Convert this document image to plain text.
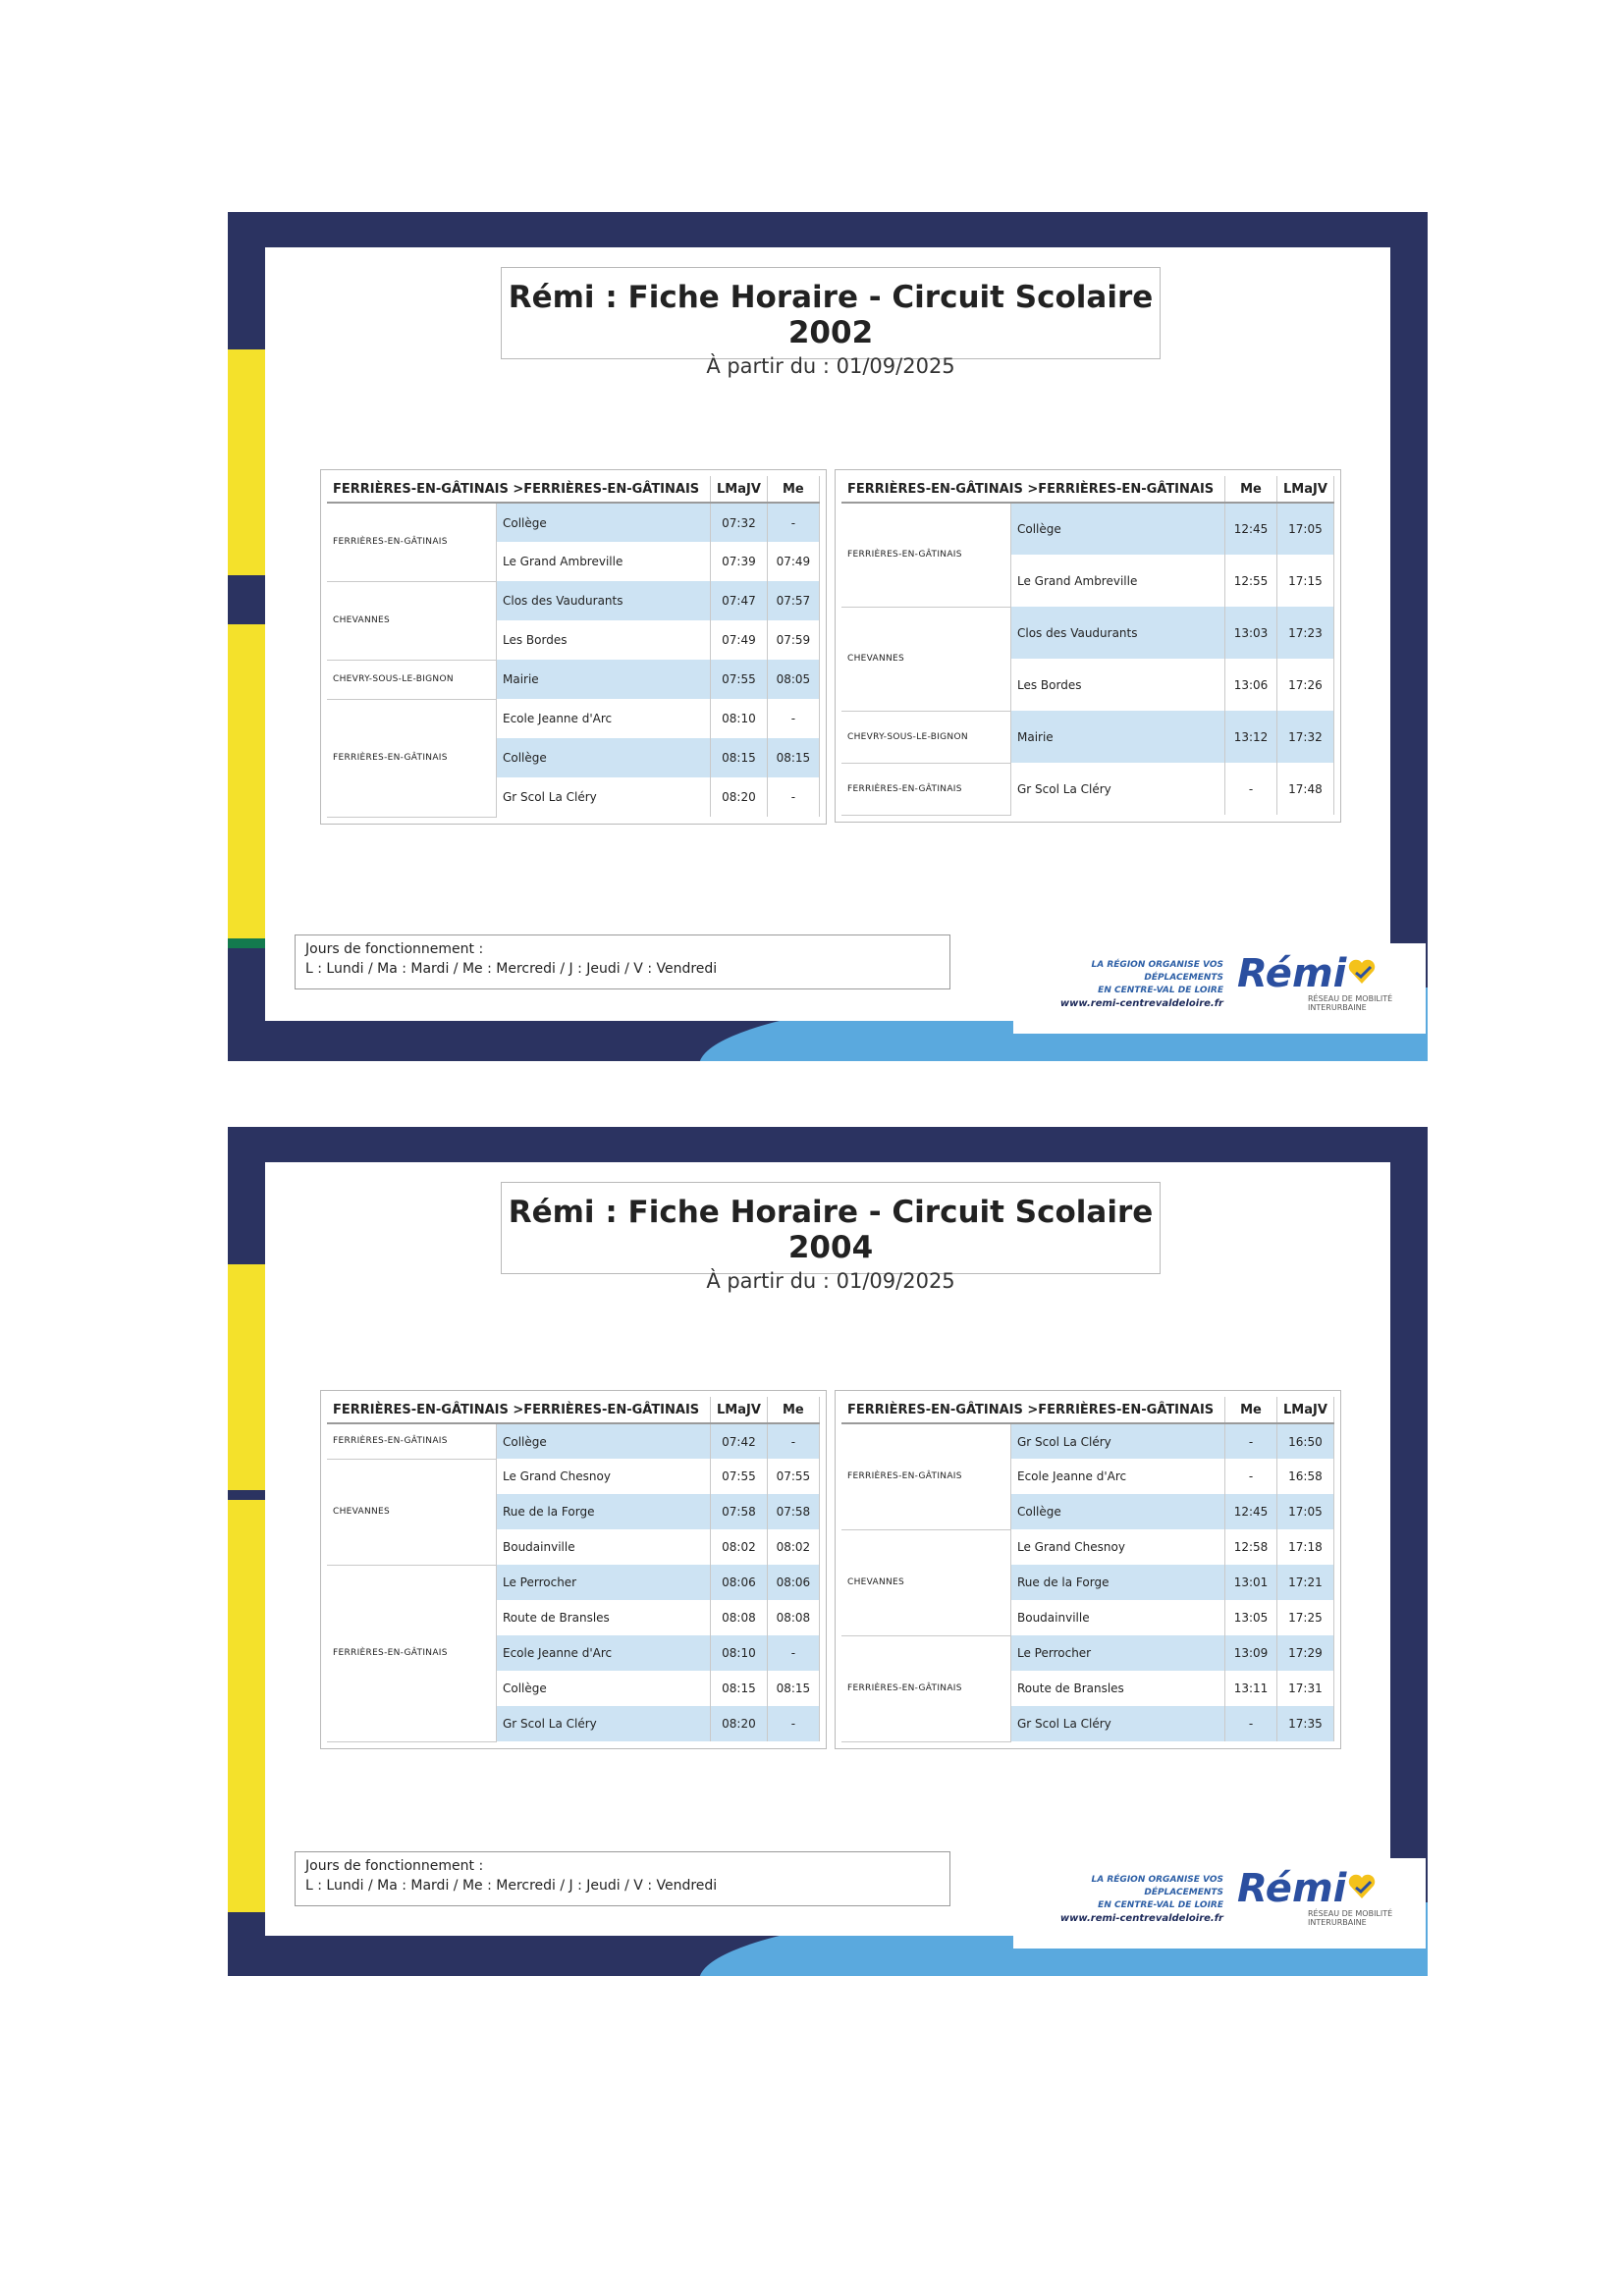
Rémi : Fiche Horaire - Circuit Scolaire 2002
À partir du : 01/09/2025
FERRIÈRES-EN-GÂTINAIS >FERRIÈRES-EN-GÂTINAIS		LMaJV	Me
FERRIÈRES-EN-GÂTINAIS	Collège	07:32	-
	Le Grand Ambreville	07:39	07:49
CHEVANNES	Clos des Vaudurants	07:47	07:57
	Les Bordes	07:49	07:59
CHEVRY-SOUS-LE-BIGNON	Mairie	07:55	08:05
FERRIÈRES-EN-GÂTINAIS	Ecole Jeanne d'Arc	08:10	-
	Collège	08:15	08:15
	Gr Scol La Cléry	08:20	-
FERRIÈRES-EN-GÂTINAIS >FERRIÈRES-EN-GÂTINAIS		Me	LMaJV
FERRIÈRES-EN-GÂTINAIS	Collège	12:45	17:05
	Le Grand Ambreville	12:55	17:15
CHEVANNES	Clos des Vaudurants	13:03	17:23
	Les Bordes	13:06	17:26
CHEVRY-SOUS-LE-BIGNON	Mairie	13:12	17:32
FERRIÈRES-EN-GÂTINAIS	Gr Scol La Cléry	-	17:48
Jours de fonctionnement :
L : Lundi / Ma : Mardi / Me : Mercredi / J : Jeudi / V : Vendredi	LA RÉGION ORGANISE VOS DÉPLACEMENTS
EN CENTRE-VAL DE LOIRE
www.remi-centrevaldeloire.fr
Rémi
RÉSEAU DE MOBILITÉ INTERURBAINE
Rémi : Fiche Horaire - Circuit Scolaire 2004
À partir du : 01/09/2025
FERRIÈRES-EN-GÂTINAIS >FERRIÈRES-EN-GÂTINAIS		LMaJV	Me
FERRIÈRES-EN-GÂTINAIS	Collège	07:42	-
CHEVANNES	Le Grand Chesnoy	07:55	07:55
	Rue de la Forge	07:58	07:58
	Boudainville	08:02	08:02
FERRIÈRES-EN-GÂTINAIS	Le Perrocher	08:06	08:06
	Route de Bransles	08:08	08:08
	Ecole Jeanne d'Arc	08:10	-
	Collège	08:15	08:15
	Gr Scol La Cléry	08:20	-
FERRIÈRES-EN-GÂTINAIS >FERRIÈRES-EN-GÂTINAIS		Me	LMaJV
FERRIÈRES-EN-GÂTINAIS	Gr Scol La Cléry	-	16:50
	Ecole Jeanne d'Arc	-	16:58
	Collège	12:45	17:05
CHEVANNES	Le Grand Chesnoy	12:58	17:18
	Rue de la Forge	13:01	17:21
	Boudainville	13:05	17:25
FERRIÈRES-EN-GÂTINAIS	Le Perrocher	13:09	17:29
	Route de Bransles	13:11	17:31
	Gr Scol La Cléry	-	17:35
Jours de fonctionnement :
L : Lundi / Ma : Mardi / Me : Mercredi / J : Jeudi / V : Vendredi	LA RÉGION ORGANISE VOS DÉPLACEMENTS
EN CENTRE-VAL DE LOIRE
www.remi-centrevaldeloire.fr
Rémi
RÉSEAU DE MOBILITÉ INTERURBAINE
